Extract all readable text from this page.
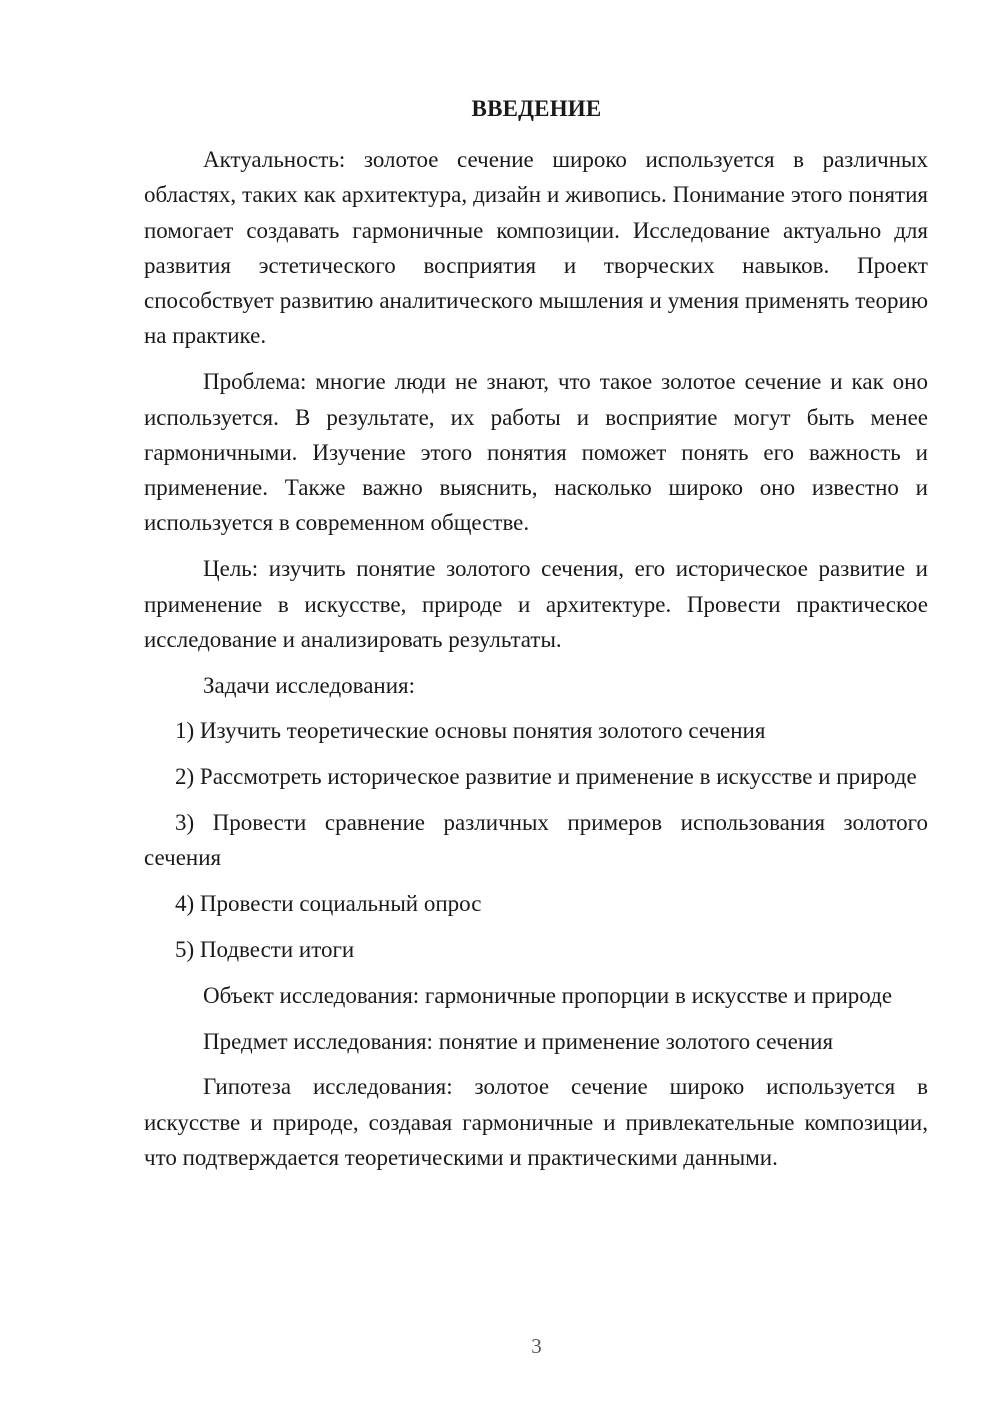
ВВЕДЕНИЕ

Актуальность: золотое сечение широко используется в различных областях, таких как архитектура, дизайн и живопись. Понимание этого понятия помогает создавать гармоничные композиции. Исследование актуально для развития эстетического восприятия и творческих навыков. Проект способствует развитию аналитического мышления и умения применять теорию на практике.

Проблема: многие люди не знают, что такое золотое сечение и как оно используется. В результате, их работы и восприятие могут быть менее гармоничными. Изучение этого понятия поможет понять его важность и применение. Также важно выяснить, насколько широко оно известно и используется в современном обществе.

Цель: изучить понятие золотого сечения, его историческое развитие и применение в искусстве, природе и архитектуре. Провести практическое исследование и анализировать результаты.

Задачи исследования:

1) Изучить теоретические основы понятия золотого сечения

2) Рассмотреть историческое развитие и применение в искусстве и природе

3) Провести сравнение различных примеров использования золотого сечения

4) Провести социальный опрос

5) Подвести итоги

Объект исследования: гармоничные пропорции в искусстве и природе

Предмет исследования: понятие и применение золотого сечения

Гипотеза исследования: золотое сечение широко используется в искусстве и природе, создавая гармоничные и привлекательные композиции, что подтверждается теоретическими и практическими данными.

3
